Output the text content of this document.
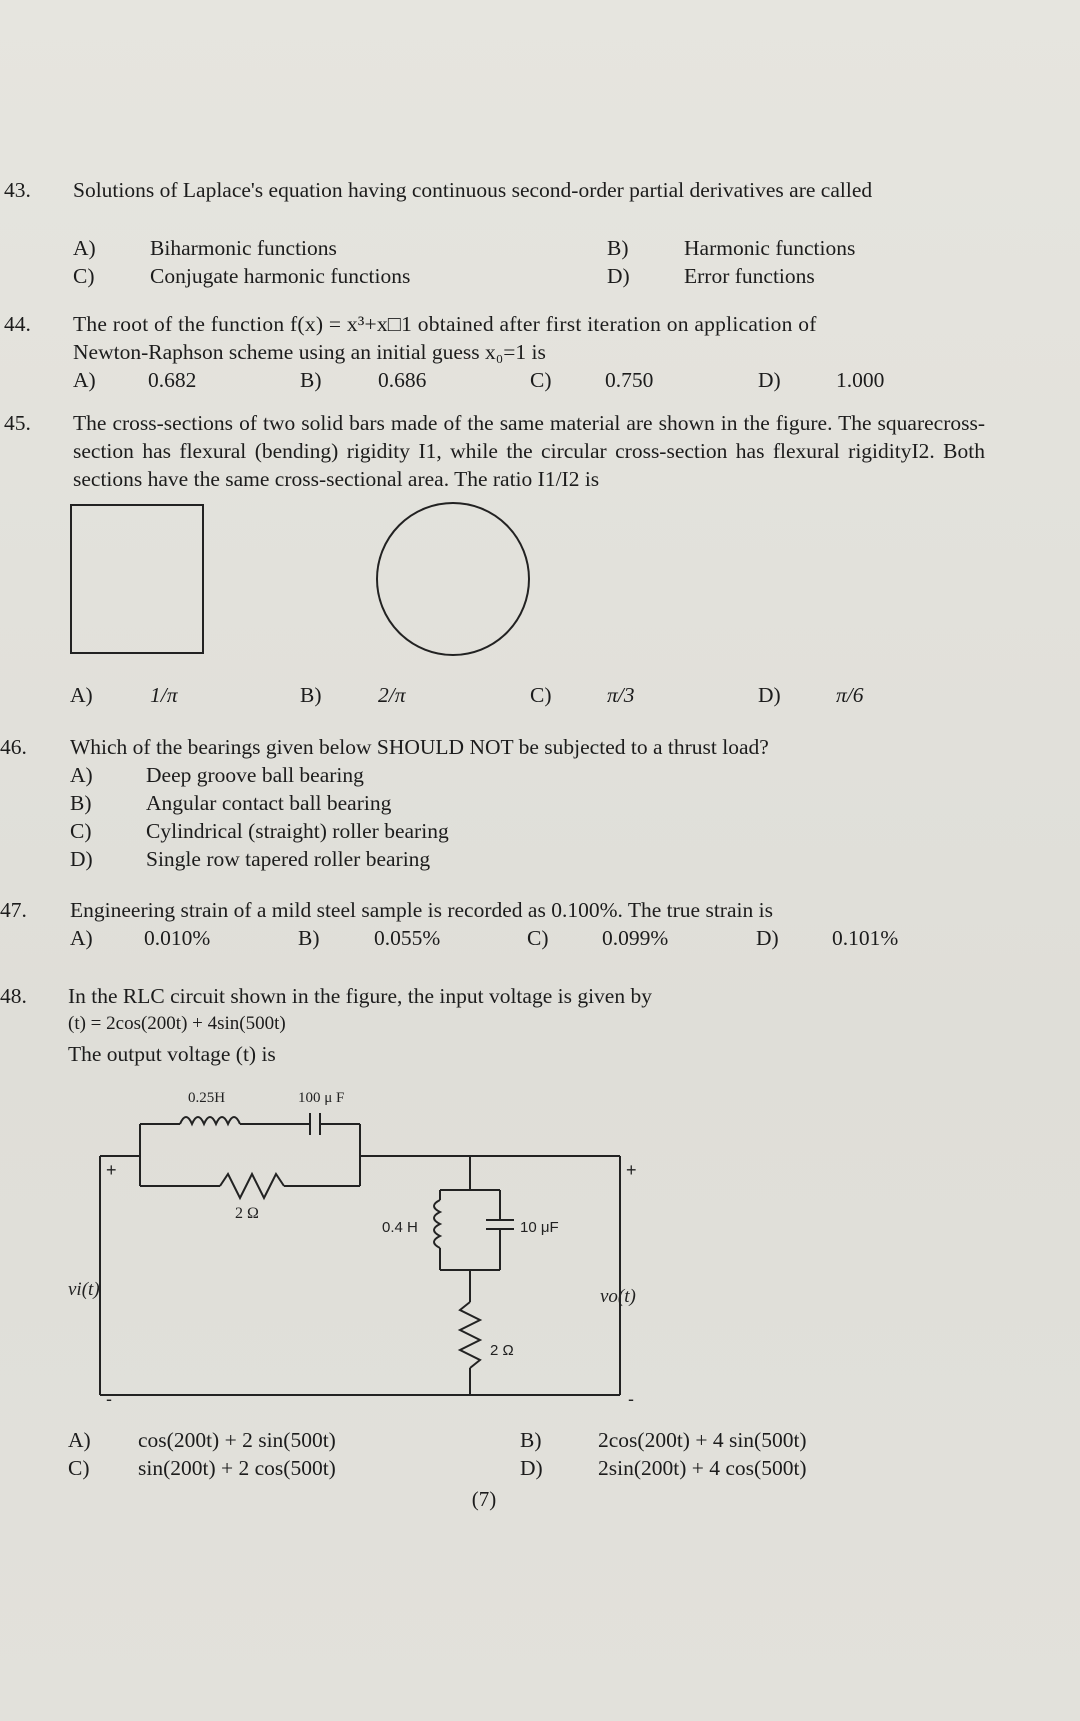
43. Solutions of Laplace's equation having continuous second-order partial derivatives are called
A)	Biharmonic functions	B)	Harmonic functions
C)	Conjugate harmonic functions	D)	Error functions
44. The root of the function f(x) = x³+x□1 obtained after first iteration on application of
Newton-Raphson scheme using an initial guess x₀=1 is
A) 0.682	B)	0.686	C) 0.750	D)	1.000
45. The cross-sections of two solid bars made of the same material are shown in the figure. The squarecross-section has flexural (bending) rigidity I1, while the circular cross-section has flexural rigidityI2. Both sections have the same cross-sectional area. The ratio I1/I2 is
A)	1/π	B)	2/π	C)	π/3	D)	π/6
46. Which of the bearings given below SHOULD NOT be subjected to a thrust load?
A) Deep groove ball bearing
B)	Angular contact ball bearing
C)	Cylindrical (straight) roller bearing
D) Single row tapered roller bearing
47. Engineering strain of a mild steel sample is recorded as 0.100%. The true strain is
A) 0.010%	B)	0.055%	C) 0.099%	D) 0.101%
48. In the RLC circuit shown in the figure, the input voltage is given by
(t) = 2cos(200t) + 4sin(500t)
The output voltage (t) is
0.25H	100 μ F
2 Ω
0.4 H	10 μF
2 Ω
vi(t)	vo(t)
+	+
-	-
A) cos(200t) + 2 sin(500t)	B)	2cos(200t) + 4 sin(500t)
C) sin(200t) + 2 cos(500t)	D)	2sin(200t) + 4 cos(500t)
(7)
